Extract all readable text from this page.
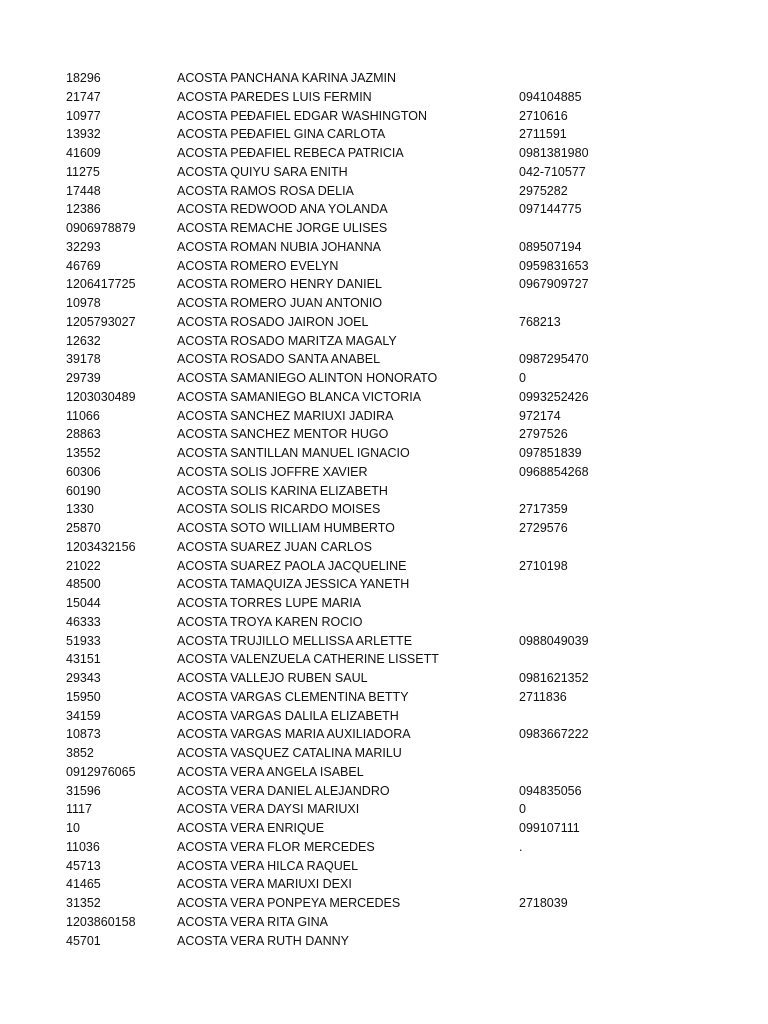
18296	ACOSTA PANCHANA KARINA JAZMIN
21747	ACOSTA PAREDES LUIS FERMIN	094104885
10977	ACOSTA PEĐAFIEL EDGAR WASHINGTON	2710616
13932	ACOSTA PEĐAFIEL GINA CARLOTA	2711591
41609	ACOSTA PEĐAFIEL REBECA PATRICIA	0981381980
11275	ACOSTA QUIYU SARA ENITH	042-710577
17448	ACOSTA RAMOS ROSA DELIA	2975282
12386	ACOSTA REDWOOD ANA YOLANDA	097144775
0906978879	ACOSTA REMACHE JORGE ULISES
32293	ACOSTA ROMAN NUBIA JOHANNA	089507194
46769	ACOSTA ROMERO EVELYN	0959831653
1206417725	ACOSTA ROMERO HENRY DANIEL	0967909727
10978	ACOSTA ROMERO JUAN ANTONIO
1205793027	ACOSTA ROSADO JAIRON JOEL	768213
12632	ACOSTA ROSADO MARITZA MAGALY
39178	ACOSTA ROSADO SANTA ANABEL	0987295470
29739	ACOSTA SAMANIEGO ALINTON HONORATO	0
1203030489	ACOSTA SAMANIEGO BLANCA VICTORIA	0993252426
11066	ACOSTA SANCHEZ MARIUXI JADIRA	972174
28863	ACOSTA SANCHEZ MENTOR HUGO	2797526
13552	ACOSTA SANTILLAN MANUEL IGNACIO	097851839
60306	ACOSTA SOLIS JOFFRE XAVIER	0968854268
60190	ACOSTA SOLIS KARINA ELIZABETH
1330	ACOSTA SOLIS RICARDO MOISES	2717359
25870	ACOSTA SOTO WILLIAM HUMBERTO	2729576
1203432156	ACOSTA SUAREZ JUAN CARLOS
21022	ACOSTA SUAREZ PAOLA JACQUELINE	2710198
48500	ACOSTA TAMAQUIZA JESSICA YANETH
15044	ACOSTA TORRES LUPE MARIA
46333	ACOSTA TROYA KAREN ROCIO
51933	ACOSTA TRUJILLO MELLISSA ARLETTE	0988049039
43151	ACOSTA VALENZUELA CATHERINE LISSETT
29343	ACOSTA VALLEJO RUBEN SAUL	0981621352
15950	ACOSTA VARGAS CLEMENTINA BETTY	2711836
34159	ACOSTA VARGAS DALILA ELIZABETH
10873	ACOSTA VARGAS MARIA AUXILIADORA	0983667222
3852	ACOSTA VASQUEZ CATALINA MARILU
0912976065	ACOSTA VERA ANGELA ISABEL
31596	ACOSTA VERA DANIEL ALEJANDRO	094835056
1117	ACOSTA VERA DAYSI MARIUXI	0
10	ACOSTA VERA ENRIQUE	099107111
11036	ACOSTA VERA FLOR MERCEDES	.
45713	ACOSTA VERA HILCA RAQUEL
41465	ACOSTA VERA MARIUXI DEXI
31352	ACOSTA VERA PONPEYA MERCEDES	2718039
1203860158	ACOSTA VERA RITA GINA
45701	ACOSTA VERA RUTH DANNY
